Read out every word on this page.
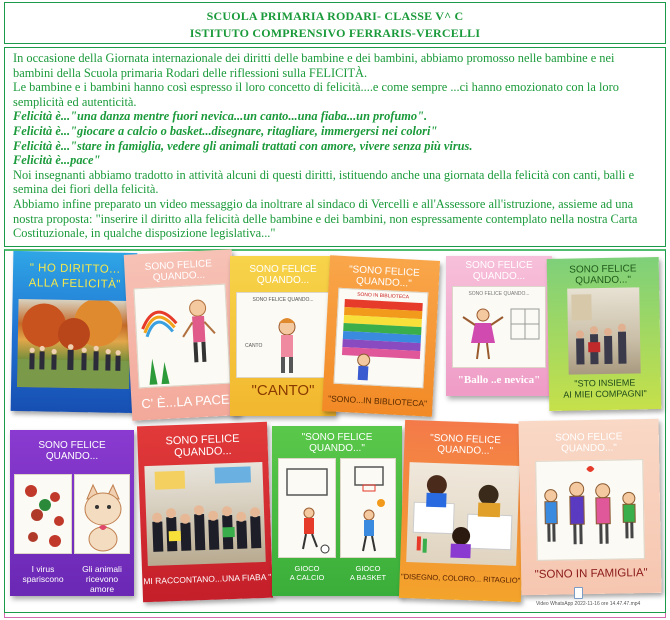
SCUOLA PRIMARIA RODARI- CLASSE V^ C
ISTITUTO COMPRENSIVO FERRARIS-VERCELLI

In occasione della Giornata internazionale dei diritti delle bambine e dei bambini, abbiamo promosso nelle bambine e nei bambini della Scuola primaria Rodari delle riflessioni sulla FELICITÀ.

Le bambine e i bambini hanno così espresso il loro concetto di felicità....e come sempre ...ci hanno emozionato con la loro semplicità ed autenticità.

Felicità è..."una danza mentre fuori nevica...un canto...una fiaba...un profumo".

Felicità è..."giocare a calcio o basket...disegnare, ritagliare, immergersi nei colori"

Felicità è..."stare in famiglia, vedere gli animali trattati con amore, vivere senza più virus.

Felicità è...pace"

Noi insegnanti abbiamo tradotto in attività alcuni di questi diritti, istituendo anche una giornata della felicità con canti, balli e semina dei fiori della felicità.

Abbiamo infine preparato un video messaggio da inoltrare al sindaco di Vercelli e all'Assessore all'istruzione, assieme ad una nostra proposta: "inserire il diritto alla felicità delle bambine e dei bambini, non espressamente contemplato nella nostra Carta Costituzionale, in qualche disposizione legislativa..."

" HO DIRITTO...
ALLA FELICITÀ"
SONO FELICE
QUANDO...
C' È...LA PACE
SONO FELICE
QUANDO...
SONO FELICE QUANDO...
CANTO
"CANTO"
"SONO FELICE
QUANDO..."
SONO IN BIBLIOTECA
"SONO...IN BIBLIOTECA"
SONO FELICE
QUANDO...
SONO FELICE QUANDO...
"Ballo ..e nevica"
SONO FELICE
QUANDO..."
"STO INSIEME
AI MIEI COMPAGNI"
SONO FELICE
QUANDO...
I virus
spariscono
Gli animali
ricevono amore
SONO FELICE
QUANDO...
MI RACCONTANO...UNA FIABA "
"SONO FELICE
QUANDO..."
GIOCO
A CALCIO
GIOCO
A BASKET
"SONO FELICE
QUANDO..."
"DISEGNO, COLORO... RITAGLIO"
SONO FELICE
QUANDO..."
"SONO IN FAMIGLIA"
Video WhatsApp 2022-11-16 ore 14.47.47.mp4
